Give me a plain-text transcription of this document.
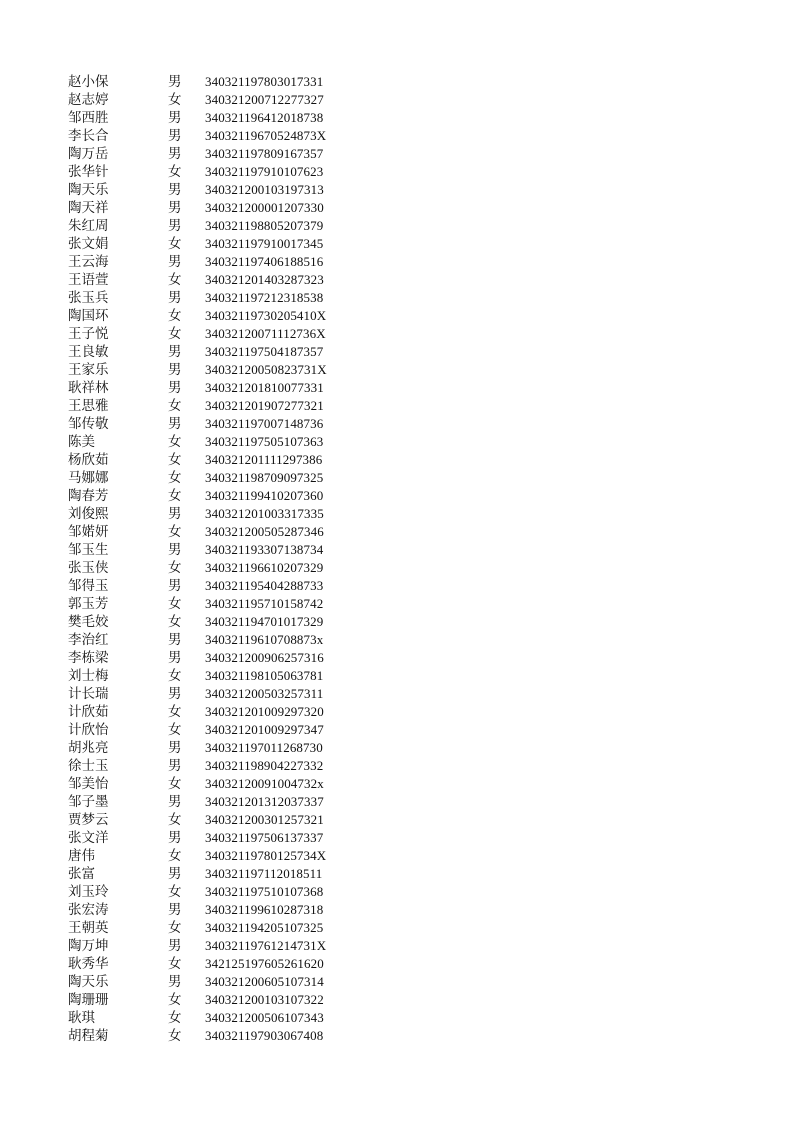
赵小保	男 340321197803017331
赵志婷	女 340321200712277327
邹西胜	男 340321196412018738
李长合	男 34032119670524873X
陶万岳	男 340321197809167357
张华针	女 340321197910107623
陶天乐	男 340321200103197313
陶天祥	男 340321200001207330
朱红周	男 340321198805207379
张文娟	女 340321197910017345
王云海	男 340321197406188516
王语萱	女 340321201403287323
张玉兵	男 340321197212318538
陶国环	女 34032119730205410X
王子悦	女 34032120071112736X
王良敏	男 340321197504187357
王家乐	男 34032120050823731X
耿祥林	男 340321201810077331
王思雅	女 340321201907277321
邹传敬	男 340321197007148736
陈美	女 340321197505107363
杨欣茹	女 340321201111297386
马娜娜	女 340321198709097325
陶春芳	女 340321199410207360
刘俊熙	男 340321201003317335
邹婼妍	女 340321200505287346
邹玉生	男 340321193307138734
张玉侠	女 340321196610207329
邹得玉	男 340321195404288733
郭玉芳	女 340321195710158742
樊毛姣	女 340321194701017329
李治红	男 34032119610708873x
李栋梁	男 340321200906257316
刘士梅	女 340321198105063781
计长瑞	男 340321200503257311
计欣茹	女 340321201009297320
计欣怡	女 340321201009297347
胡兆亮	男 340321197011268730
徐士玉	男 340321198904227332
邹美怡	女 34032120091004732x
邹子墨	男 340321201312037337
贾梦云	女 340321200301257321
张文洋	男 340321197506137337
唐伟	女 34032119780125734X
张富	男 340321197112018511
刘玉玲	女 340321197510107368
张宏涛	男 340321199610287318
王朝英	女 340321194205107325
陶万坤	男 34032119761214731X
耿秀华	女 342125197605261620
陶天乐	男 340321200605107314
陶珊珊	女 340321200103107322
耿琪	女 340321200506107343
胡程菊	女 340321197903067408
